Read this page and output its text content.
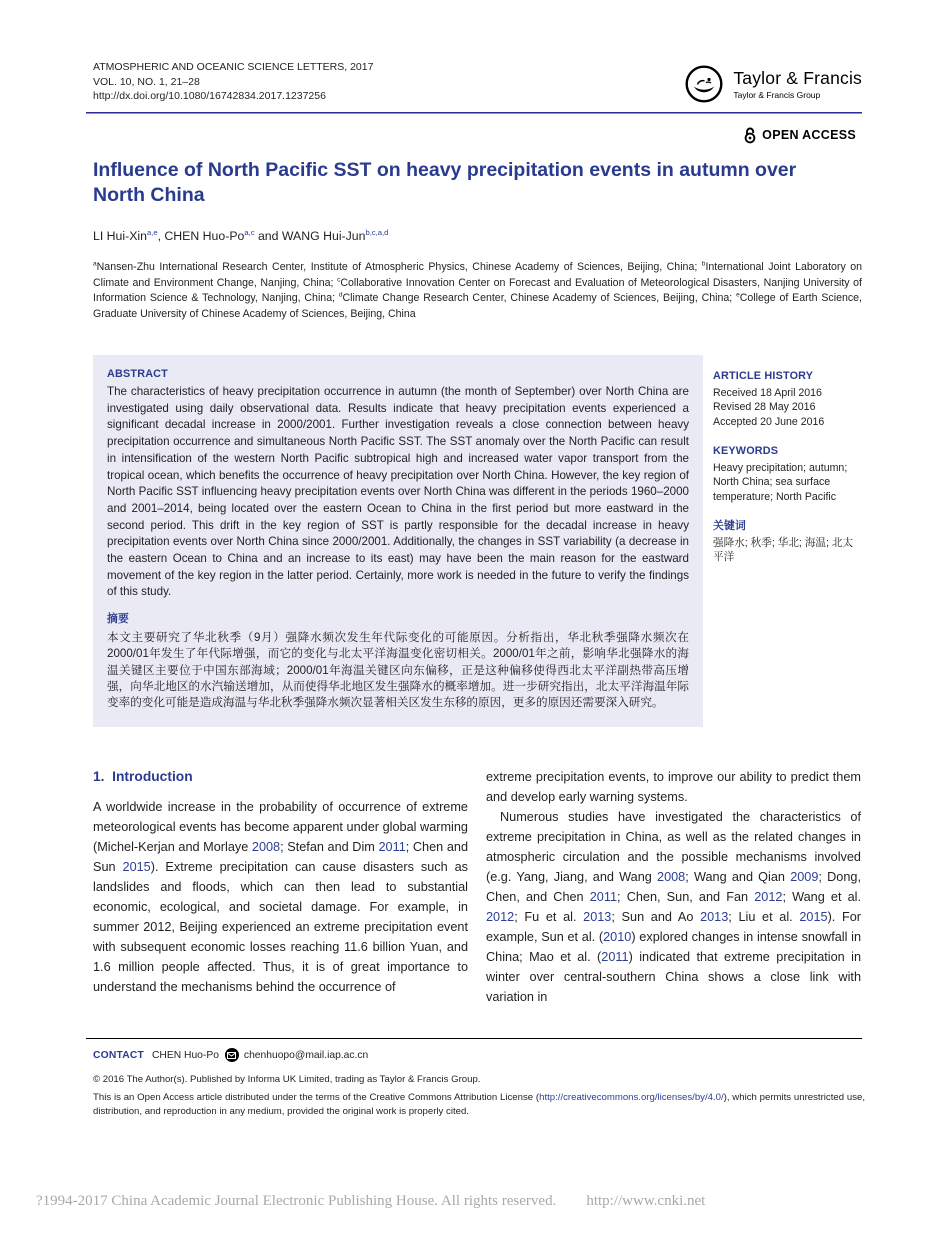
ATMOSPHERIC AND OCEANIC SCIENCE LETTERS, 2017
VOL. 10, NO. 1, 21–28
http://dx.doi.org/10.1080/16742834.2017.1237256
Taylor & Francis
Taylor & Francis Group
OPEN ACCESS
Influence of North Pacific SST on heavy precipitation events in autumn over North China
LI Hui-Xin$^{a,e}$, CHEN Huo-Po$^{a,c}$ and WANG Hui-Jun$^{b,c,a,d}$
$^a$Nansen-Zhu International Research Center, Institute of Atmospheric Physics, Chinese Academy of Sciences, Beijing, China; $^b$International Joint Laboratory on Climate and Environment Change, Nanjing, China; $^c$Collaborative Innovation Center on Forecast and Evaluation of Meteorological Disasters, Nanjing University of Information Science & Technology, Nanjing, China; $^d$Climate Change Research Center, Chinese Academy of Sciences, Beijing, China; $^e$College of Earth Science, Graduate University of Chinese Academy of Sciences, Beijing, China
ABSTRACT
The characteristics of heavy precipitation occurrence in autumn (the month of September) over North China are investigated using daily observational data. Results indicate that heavy precipitation events experienced a significant decadal increase in 2000/2001. Further investigation reveals a close connection between heavy precipitation occurrence and simultaneous North Pacific SST. The SST anomaly over the North Pacific can result in intensification of the western North Pacific subtropical high and increased water vapor transport from the tropical ocean, which benefits the occurrence of heavy precipitation over North China. However, the key region of North Pacific SST influencing heavy precipitation events over North China was different in the periods 1960–2000 and 2001–2014, being located over the eastern Ocean to China in the first period but more eastward in the second period. This drift in the key region of SST is partly responsible for the decadal increase in heavy precipitation events over North China since 2000/2001. Additionally, the changes in SST variability (a decrease in the eastern Ocean to China and an increase to its east) may have been the main reason for the eastward movement of the key region in the latter period. Certainly, more work is needed in the future to verify the findings of this study.
摘要
本文主要研究了华北秋季（9月）强降水频次发生年代际变化的可能原因。分析指出，华北秋季强降水频次在2000/01年发生了年代际增强，而它的变化与北太平洋海温变化密切相关。2000/01年之前，影响华北强降水的海温关键区主要位于中国东部海域；2000/01年海温关键区向东偏移，正是这种偏移使得西北太平洋副热带高压增强，向华北地区的水汽输送增加，从而使得华北地区发生强降水的概率增加。进一步研究指出，北太平洋海温年际变率的变化可能是造成海温与华北秋季强降水频次显著相关区发生东移的原因，更多的原因还需要深入研究。
ARTICLE HISTORY
Received 18 April 2016
Revised 28 May 2016
Accepted 20 June 2016
KEYWORDS
Heavy precipitation; autumn; North China; sea surface temperature; North Pacific
关键词
强降水; 秋季; 华北; 海温; 北太平洋
1.  Introduction

A worldwide increase in the probability of occurrence of extreme meteorological events has become apparent under global warming (Michel-Kerjan and Morlaye 2008; Stefan and Dim 2011; Chen and Sun 2015). Extreme precipitation can cause disasters such as landslides and floods, which can then lead to substantial economic, ecological, and societal damage. For example, in summer 2012, Beijing experienced an extreme precipitation event with subsequent economic losses reaching 11.6 billion Yuan, and 1.6 million people affected. Thus, it is of great importance to understand the mechanisms behind the occurrence of

extreme precipitation events, to improve our ability to predict them and develop early warning systems.

Numerous studies have investigated the characteristics of extreme precipitation in China, as well as the related changes in atmospheric circulation and the possible mechanisms involved (e.g. Yang, Jiang, and Wang 2008; Wang and Qian 2009; Dong, Chen, and Chen 2011; Chen, Sun, and Fan 2012; Wang et al. 2012; Fu et al. 2013; Sun and Ao 2013; Liu et al. 2015). For example, Sun et al. (2010) explored changes in intense snowfall in China; Mao et al. (2011) indicated that extreme precipitation in winter over central-southern China shows a close link with variation in

CONTACT CHEN Huo-Po chenhuopo@mail.iap.ac.cn
© 2016 The Author(s). Published by Informa UK Limited, trading as Taylor & Francis Group.
This is an Open Access article distributed under the terms of the Creative Commons Attribution License (http://creativecommons.org/licenses/by/4.0/), which permits unrestricted use, distribution, and reproduction in any medium, provided the original work is properly cited.
?1994-2017 China Academic Journal Electronic Publishing House. All rights reserved. http://www.cnki.net
